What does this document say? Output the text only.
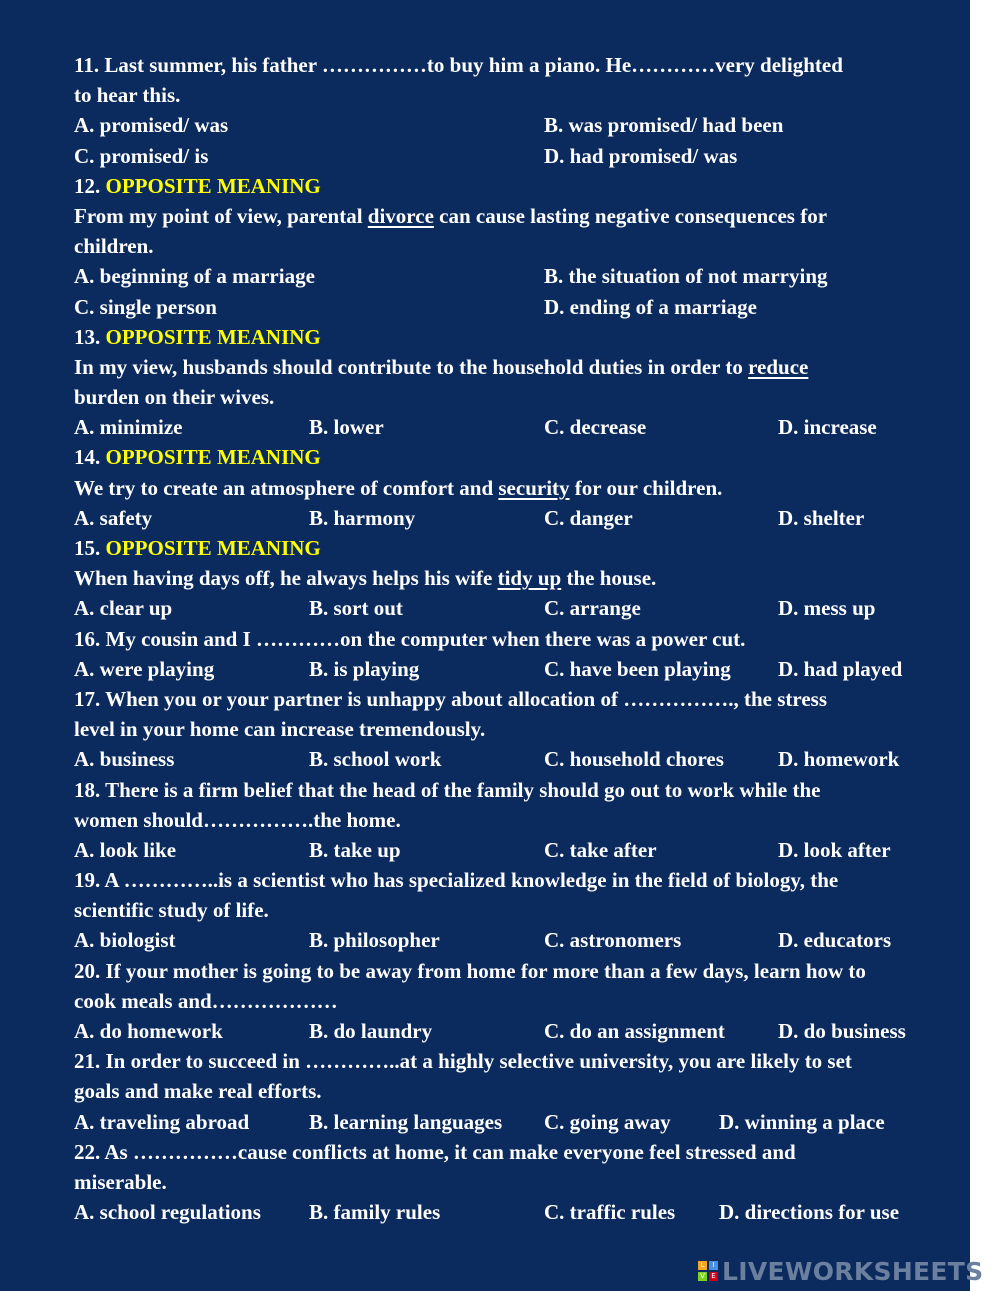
11. Last summer, his father ……………to buy him a piano. He…………very delighted
to hear this.
A. promised/ was	B. was promised/ had been
C. promised/ is	D. had promised/ was
12. OPPOSITE MEANING
From my point of view, parental divorce can cause lasting negative consequences for
children.
A. beginning of a marriage	B. the situation of not marrying
C. single person	D. ending of a marriage
13. OPPOSITE MEANING
In my view, husbands should contribute to the household duties in order to reduce
burden on their wives.
A. minimize	B. lower	C. decrease	D. increase
14. OPPOSITE MEANING
We try to create an atmosphere of comfort and security for our children.
A. safety	B. harmony	C. danger	D. shelter
15. OPPOSITE MEANING
When having days off, he always helps his wife tidy up the house.
A. clear up	B. sort out	C. arrange	D. mess up
16. My cousin and I …………on the computer when there was a power cut.
A. were playing	B. is playing	C. have been playing D. had played
17. When you or your partner is unhappy about allocation of ……………., the stress
level in your home can increase tremendously.
A. business	B. school work	C. household chores	D. homework
18. There is a firm belief that the head of the family should go out to work while the
women should…………….the home.
A. look like	B. take up	C. take after	D. look after
19. A …………..is a scientist who has specialized knowledge in the field of biology, the
scientific study of life.
A. biologist	B. philosopher	C. astronomers	D. educators
20. If your mother is going to be away from home for more than a few days, learn how to
cook meals and………………
A. do homework	B. do laundry	C. do an assignment	D. do business
21. In order to succeed in …………..at a highly selective university, you are likely to set
goals and make real efforts.
A. traveling abroad	B. learning languages C. going away D. winning a place
22. As ……………cause conflicts at home, it can make everyone feel stressed and
miserable.
A. school regulations B. family rules	C. traffic rules D. directions for use
L	I
V E LIVEWORKSHEETS
